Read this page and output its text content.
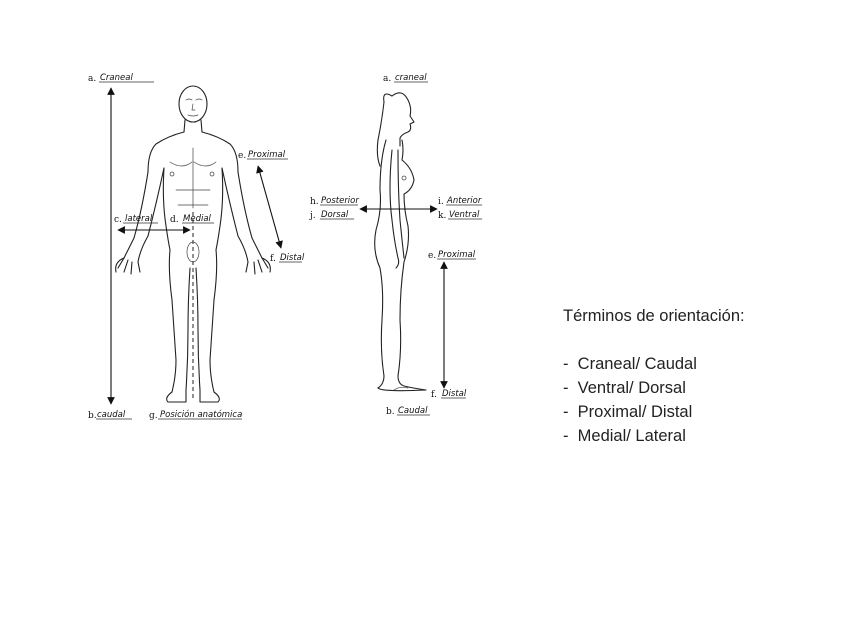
a. Craneal
b. caudal
c. lateral d. Medial
e. Proximal
f. Distal
g. Posición anatómica
a. craneal
b. Caudal
h. Posterior
j. Dorsal
i. Anterior
k. Ventral
e. Proximal
f. Distal
Términos de orientación:
-  Craneal/ Caudal
-  Ventral/ Dorsal
-  Proximal/ Distal
-  Medial/ Lateral
